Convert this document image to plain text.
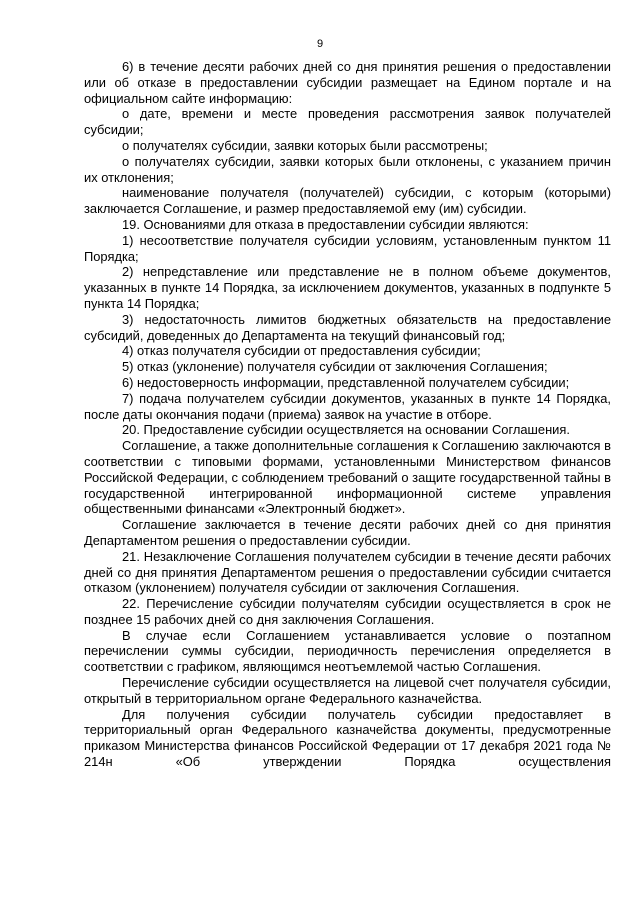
9

6) в течение десяти рабочих дней со дня принятия решения о предоставлении или об отказе в предоставлении субсидии размещает на Едином портале и на официальном сайте информацию:

о дате, времени и месте проведения рассмотрения заявок получателей субсидии;

о получателях субсидии, заявки которых были рассмотрены;

о получателях субсидии, заявки которых были отклонены, с указанием причин их отклонения;

наименование получателя (получателей) субсидии, с которым (которыми) заключается Соглашение, и размер предоставляемой ему (им) субсидии.

19. Основаниями для отказа в предоставлении субсидии являются:

1) несоответствие получателя субсидии условиям, установленным пунктом 11 Порядка;

2) непредставление или представление не в полном объеме документов, указанных в пункте 14 Порядка, за исключением документов, указанных в подпункте 5 пункта 14 Порядка;

3) недостаточность лимитов бюджетных обязательств на предоставление субсидий, доведенных до Департамента на текущий финансовый год;

4) отказ получателя субсидии от предоставления субсидии;

5) отказ (уклонение) получателя субсидии от заключения Соглашения;

6) недостоверность информации, представленной получателем субсидии;

7) подача получателем субсидии документов, указанных в пункте 14 Порядка, после даты окончания подачи (приема) заявок на участие в отборе.

20. Предоставление субсидии осуществляется на основании Соглашения.

Соглашение, а также дополнительные соглашения к Соглашению заключаются в соответствии с типовыми формами, установленными Министерством финансов Российской Федерации, с соблюдением требований о защите государственной тайны в государственной интегрированной информационной системе управления общественными финансами «Электронный бюджет».

Соглашение заключается в течение десяти рабочих дней со дня принятия Департаментом решения о предоставлении субсидии.

21. Незаключение Соглашения получателем субсидии в течение десяти рабочих дней со дня принятия Департаментом решения о предоставлении субсидии считается отказом (уклонением) получателя субсидии от заключения Соглашения.

22. Перечисление субсидии получателям субсидии осуществляется в срок не позднее 15 рабочих дней со дня заключения Соглашения.

В случае если Соглашением устанавливается условие о поэтапном перечислении суммы субсидии, периодичность перечисления определяется в соответствии с графиком, являющимся неотъемлемой частью Соглашения.

Перечисление субсидии осуществляется на лицевой счет получателя субсидии, открытый в территориальном органе Федерального казначейства.

Для получения субсидии получатель субсидии предоставляет в территориальный орган Федерального казначейства документы, предусмотренные приказом Министерства финансов Российской Федерации от 17 декабря 2021 года № 214н «Об утверждении Порядка осуществления
